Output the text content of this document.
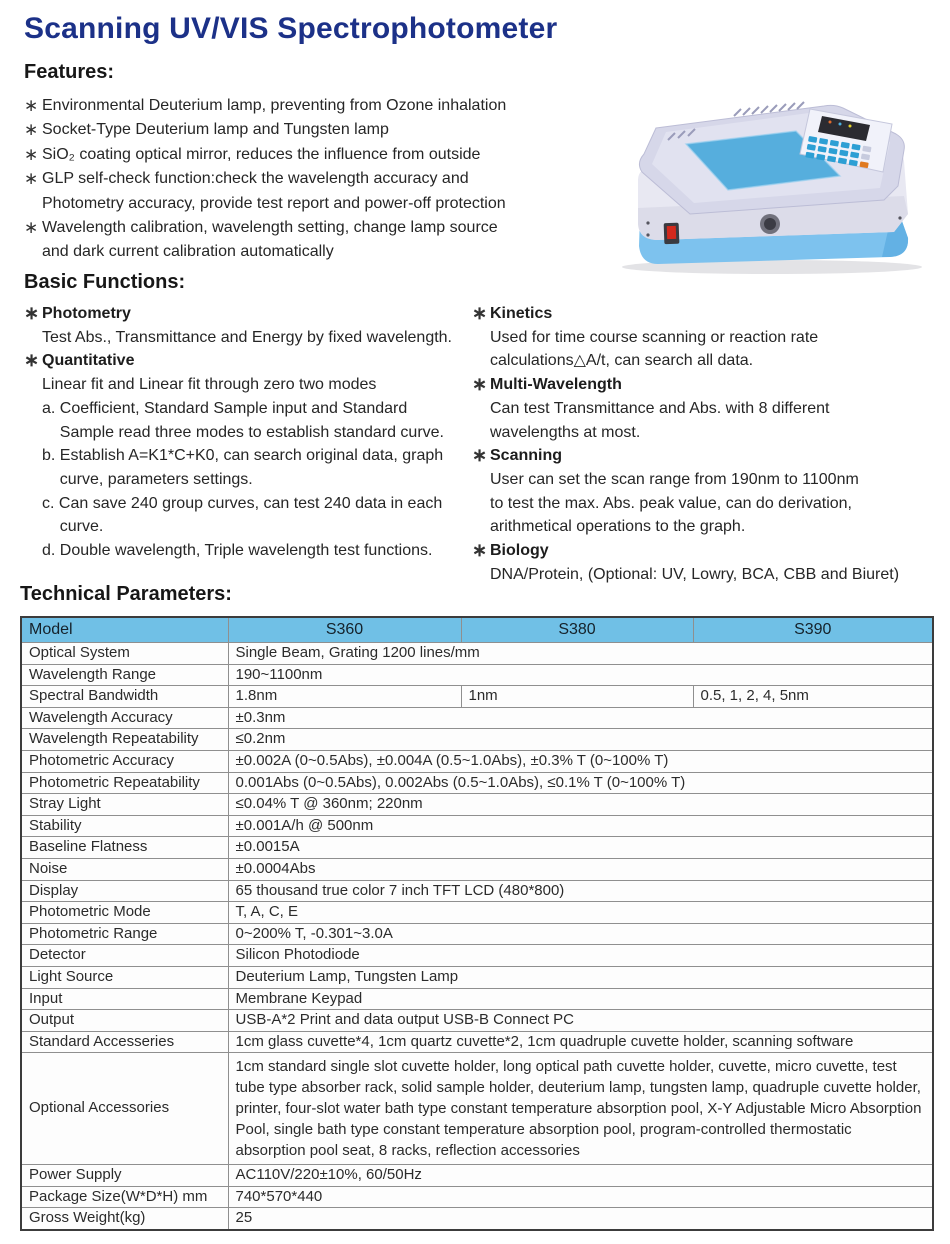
Scanning UV/VIS Spectrophotometer
Features:
∗ Environmental Deuterium lamp, preventing from Ozone inhalation
∗ Socket-Type Deuterium lamp and Tungsten lamp
∗ SiO₂ coating optical mirror, reduces the influence from outside
∗ GLP self-check function:check the wavelength accuracy and
Photometry accuracy, provide test report and power-off protection
∗ Wavelength calibration, wavelength setting, change lamp source
and dark current calibration automatically
Basic Functions:
∗ Photometry
Test Abs., Transmittance and Energy by fixed wavelength.
∗ Quantitative
Linear fit and Linear fit through zero two modes
a. Coefficient, Standard Sample input and Standard
Sample read three modes to establish standard curve.
b. Establish A=K1*C+K0, can search original data, graph
curve, parameters settings.
c. Can save 240 group curves, can test 240 data in each
curve.
d. Double wavelength, Triple wavelength test functions.
∗ Kinetics
Used for time course scanning or reaction rate
calculations△A/t, can search all data.
∗ Multi-Wavelength
Can test Transmittance and Abs. with 8 different
wavelengths at most.
∗ Scanning
User can set the scan range from 190nm to 1100nm
to test the max. Abs. peak value, can do derivation,
arithmetical operations to the graph.
∗ Biology
DNA/Protein, (Optional: UV, Lowry, BCA, CBB and Biuret)
Technical Parameters:
Model	S360	S380	S390
Optical System	Single Beam, Grating 1200 lines/mm		
Wavelength Range	190~1100nm		
Spectral Bandwidth	1.8nm	1nm	0.5, 1, 2, 4, 5nm
Wavelength Accuracy	±0.3nm		
Wavelength Repeatability	≤0.2nm		
Photometric Accuracy	±0.002A (0~0.5Abs), ±0.004A (0.5~1.0Abs), ±0.3% T (0~100% T)		
Photometric Repeatability	0.001Abs (0~0.5Abs), 0.002Abs (0.5~1.0Abs), ≤0.1% T (0~100% T)		
Stray Light	≤0.04% T @ 360nm; 220nm		
Stability	±0.001A/h @ 500nm		
Baseline Flatness	±0.0015A		
Noise	±0.0004Abs		
Display	65 thousand true color 7 inch TFT LCD (480*800)		
Photometric Mode	T, A, C, E		
Photometric Range	0~200% T, -0.301~3.0A		
Detector	Silicon Photodiode		
Light Source	Deuterium Lamp, Tungsten Lamp		
Input	Membrane Keypad		
Output	USB-A*2 Print and data output USB-B Connect PC		
Standard Accesseries	1cm glass cuvette*4, 1cm quartz cuvette*2, 1cm quadruple cuvette holder, scanning software		
Optional Accessories	1cm standard single slot cuvette holder, long optical path cuvette holder, cuvette, micro cuvette, test tube type absorber rack, solid sample holder, deuterium lamp, tungsten lamp, quadruple cuvette holder, printer, four-slot water bath type constant temperature absorption pool, X-Y Adjustable Micro Absorption Pool, single bath type constant temperature absorption pool, program-controlled thermostatic absorption pool seat, 8 racks, reflection accessories		
Power Supply	AC110V/220±10%, 60/50Hz		
Package Size(W*D*H) mm	740*570*440		
Gross Weight(kg)	25		
